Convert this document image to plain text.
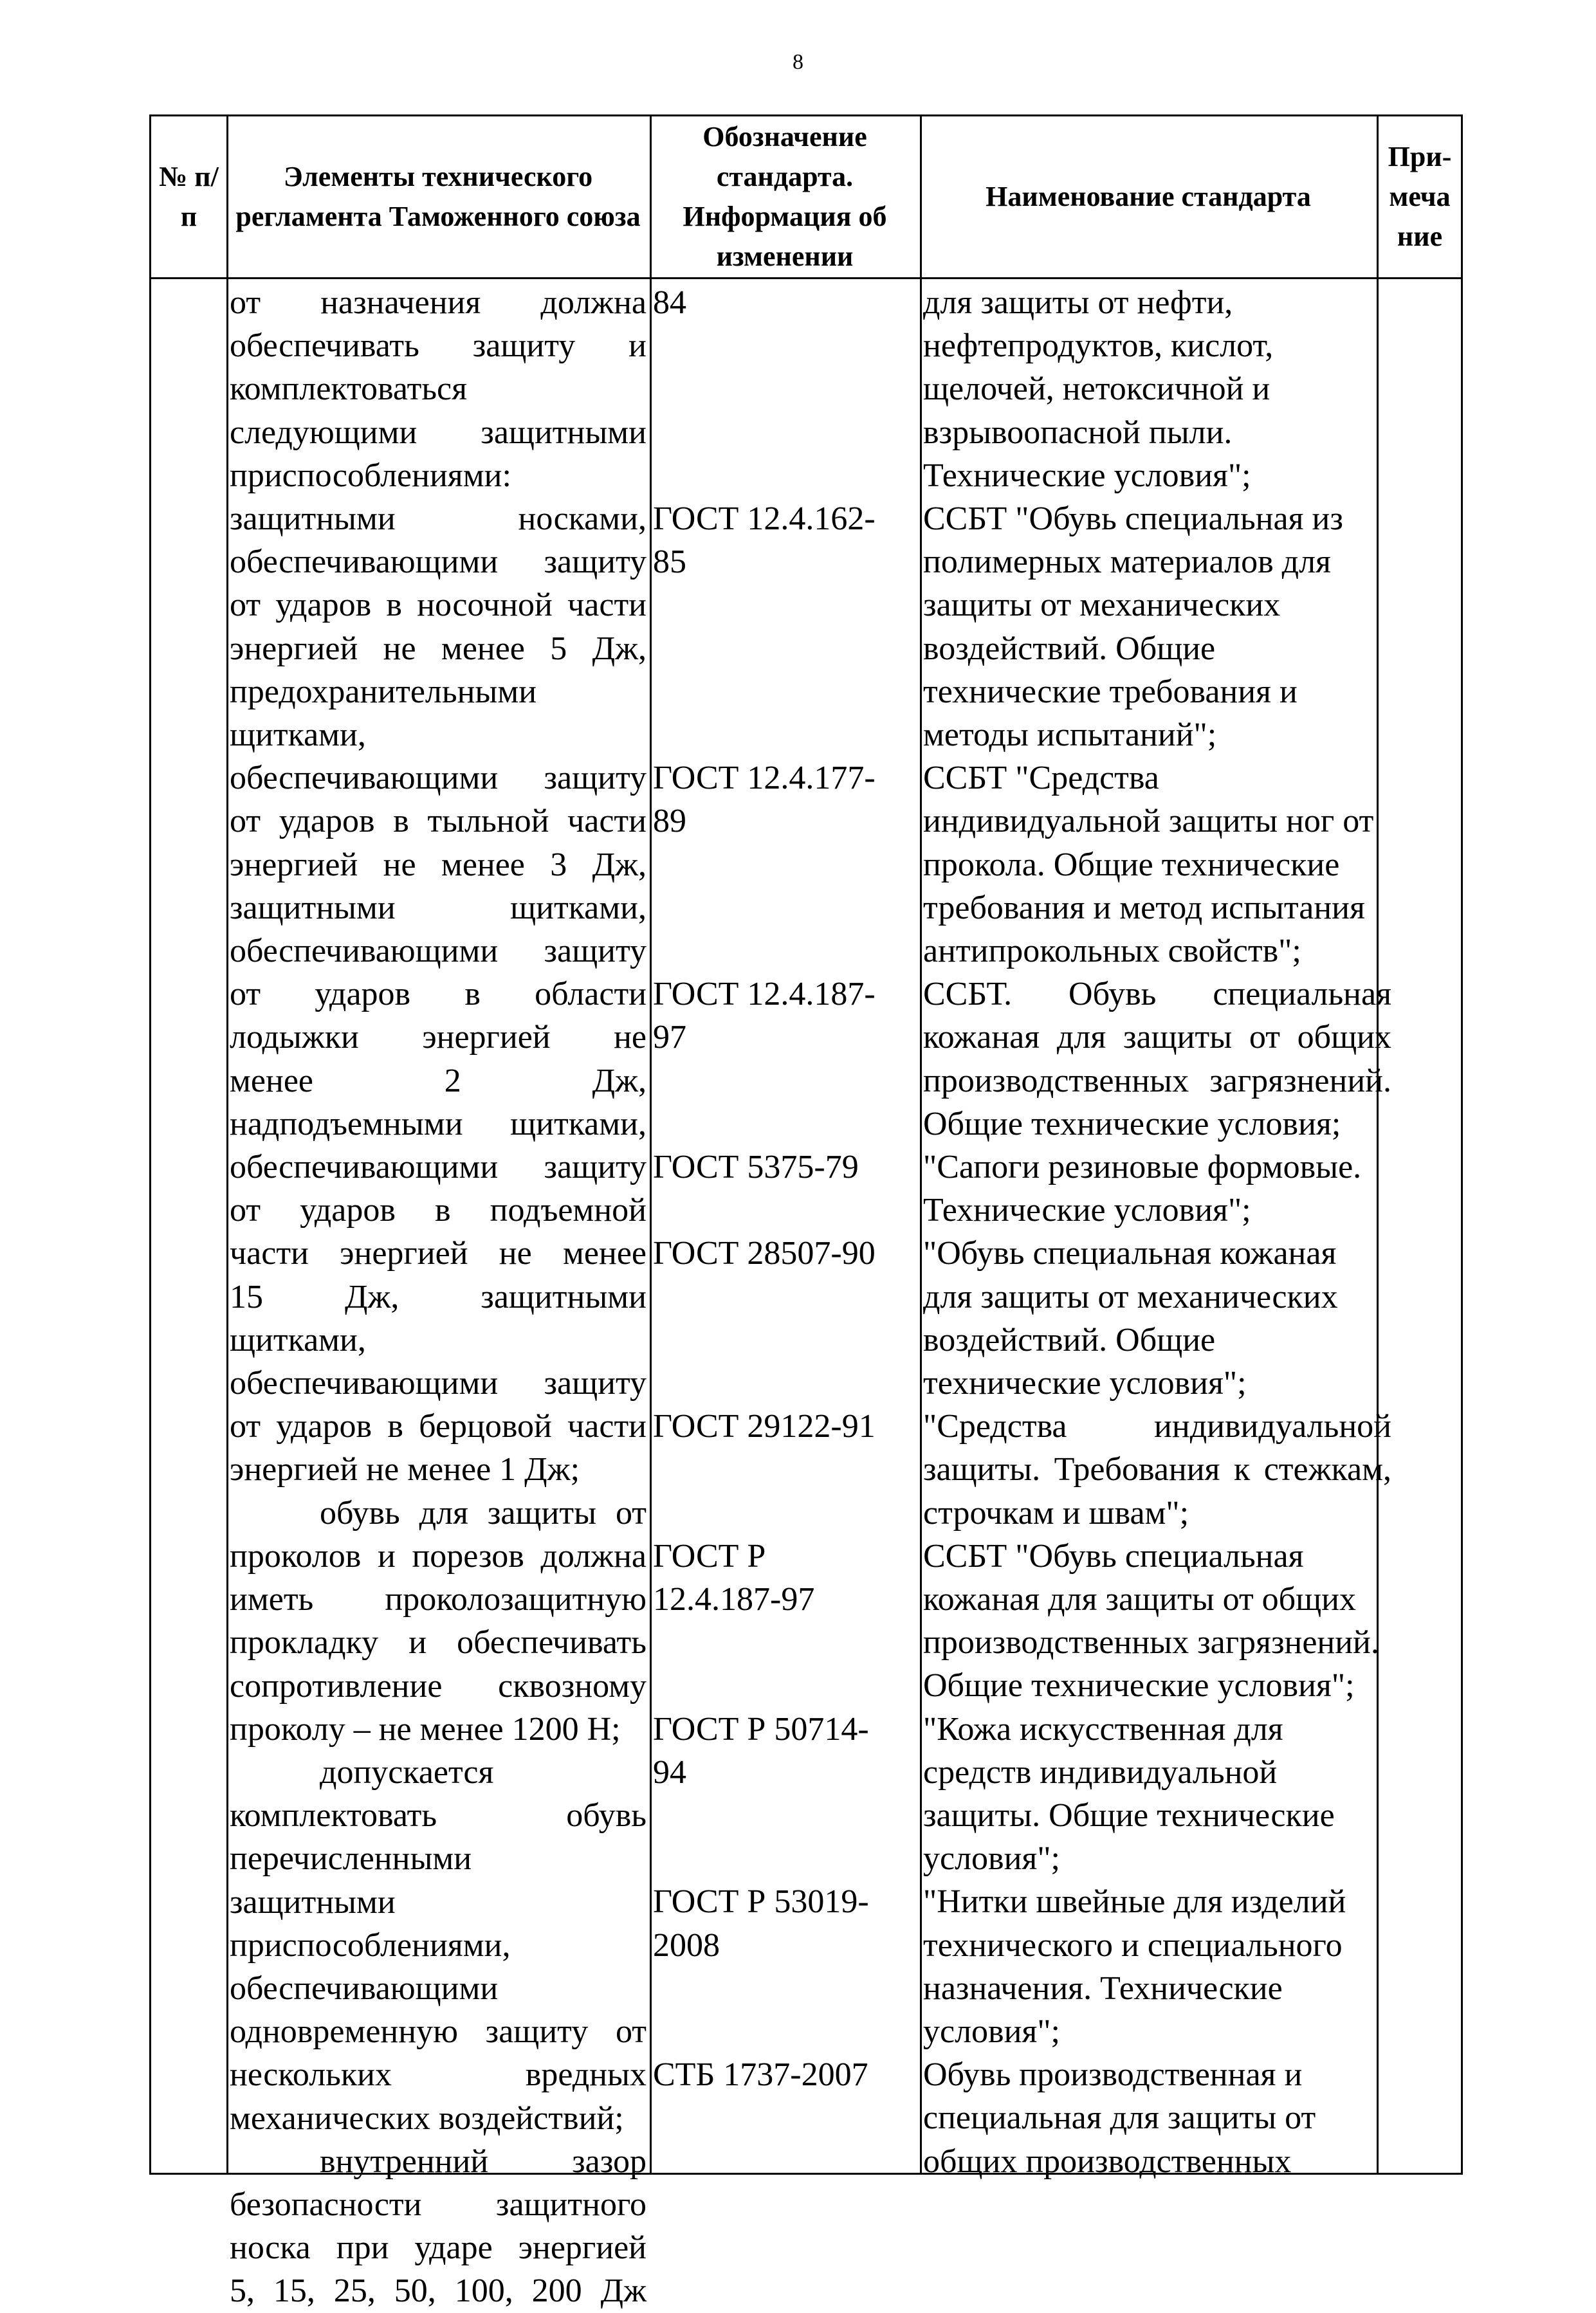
8
№ п/п
Элементы технического регламента Таможенного союза
Обозначение стандарта. Информация об изменении
Наименование стандарта
При-меча ние
от назначения должна
обеспечивать защиту и
комплектоваться
следующими защитными
приспособлениями:
защитными носками,
обеспечивающими защиту
от ударов в носочной части
энергией не менее 5 Дж,
предохранительными
щитками,
обеспечивающими защиту
от ударов в тыльной части
энергией не менее 3 Дж,
защитными щитками,
обеспечивающими защиту
от ударов в области
лодыжки энергией не
менее 2 Дж,
надподъемными щитками,
обеспечивающими защиту
от ударов в подъемной
части энергией не менее
15 Дж, защитными
щитками,
обеспечивающими защиту
от ударов в берцовой части
энергией не менее 1 Дж;
обувь для защиты от
проколов и порезов должна
иметь проколозащитную
прокладку и обеспечивать
сопротивление сквозному
проколу – не менее 1200 Н;
допускается
комплектовать обувь
перечисленными
защитными
приспособлениями,
обеспечивающими
одновременную защиту от
нескольких вредных
механических воздействий;
внутренний зазор
безопасности защитного
носка при ударе энергией
5, 15, 25, 50, 100, 200 Дж
84
ГОСТ 12.4.162-
85
ГОСТ 12.4.177-
89
ГОСТ 12.4.187-
97
ГОСТ 5375-79
ГОСТ 28507-90
ГОСТ 29122-91
ГОСТ Р
12.4.187-97
ГОСТ Р 50714-
94
ГОСТ Р 53019-
2008
СТБ 1737-2007
для защиты от нефти,
нефтепродуктов, кислот,
щелочей, нетоксичной и
взрывоопасной пыли.
Технические условия";
ССБТ "Обувь специальная из
полимерных материалов для
защиты от механических
воздействий. Общие
технические требования и
методы испытаний";
ССБТ "Средства
индивидуальной защиты ног от
прокола. Общие технические
требования и метод испытания
антипрокольных свойств";
ССБТ. Обувь специальная
кожаная для защиты от общих
производственных загрязнений.
Общие технические условия;
"Сапоги резиновые формовые.
Технические условия";
"Обувь специальная кожаная
для защиты от механических
воздействий. Общие
технические условия";
"Средства индивидуальной
защиты. Требования к стежкам,
строчкам и швам";
ССБТ "Обувь специальная
кожаная для защиты от общих
производственных загрязнений.
Общие технические условия";
"Кожа искусственная для
средств индивидуальной
защиты. Общие технические
условия";
"Нитки швейные для изделий
технического и специального
назначения. Технические
условия";
Обувь производственная и
специальная для защиты от
общих производственных
